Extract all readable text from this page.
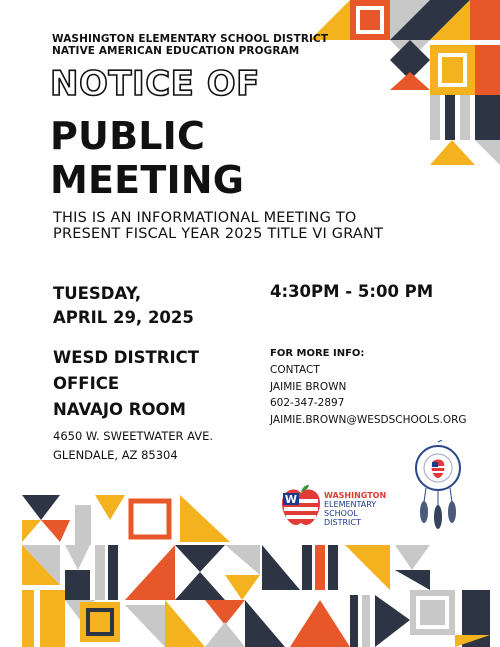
WASHINGTON ELEMENTARY SCHOOL DISTRICT
NATIVE AMERICAN EDUCATION PROGRAM
NOTICE OF
PUBLIC
MEETING
THIS IS AN INFORMATIONAL MEETING TO
PRESENT FISCAL YEAR 2025 TITLE VI GRANT
TUESDAY,
APRIL 29, 2025
4:30PM - 5:00 PM
WESD DISTRICT
OFFICE
NAVAJO ROOM
4650 W. SWEETWATER AVE.
GLENDALE, AZ 85304
FOR MORE INFO:
CONTACT
JAIMIE BROWN
602-347-2897
JAIMIE.BROWN@WESDSCHOOLS.ORG
W	WASHINGTON
ELEMENTARY
SCHOOL
DISTRICT
